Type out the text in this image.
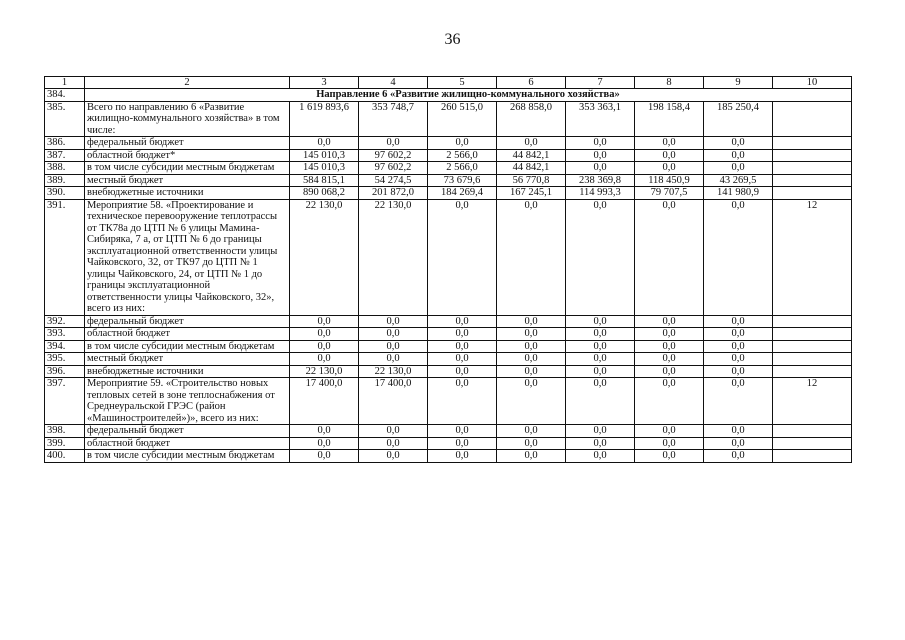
36
1	2	3	4	5	6	7	8	9	10
384.	Направление 6 «Развитие жилищно-коммунального хозяйства»								
385.	Всего по направлению 6 «Развитие жилищно-коммунального хозяйства» в том числе:	1 619 893,6	353 748,7	260 515,0	268 858,0	353 363,1	198 158,4	185 250,4	
386.	федеральный бюджет	0,0	0,0	0,0	0,0	0,0	0,0	0,0	
387.	областной бюджет*	145 010,3	97 602,2	2 566,0	44 842,1	0,0	0,0	0,0	
388.	в том числе субсидии местным бюджетам	145 010,3	97 602,2	2 566,0	44 842,1	0,0	0,0	0,0	
389.	местный бюджет	584 815,1	54 274,5	73 679,6	56 770,8	238 369,8	118 450,9	43 269,5	
390.	внебюджетные источники	890 068,2	201 872,0	184 269,4	167 245,1	114 993,3	79 707,5	141 980,9	
391.	Мероприятие 58. «Проектирование и техническое перевооружение теплотрассы от ТК78а до ЦТП № 6 улицы Мамина-Сибиряка, 7 а, от ЦТП № 6 до границы эксплуатационной ответственности улицы Чайковского, 32, от ТК97 до ЦТП № 1 улицы Чайковского, 24, от ЦТП № 1 до границы эксплуатационной ответственности улицы Чайковского, 32», всего из них:	22 130,0	22 130,0	0,0	0,0	0,0	0,0	0,0	12
392.	федеральный бюджет	0,0	0,0	0,0	0,0	0,0	0,0	0,0	
393.	областной бюджет	0,0	0,0	0,0	0,0	0,0	0,0	0,0	
394.	в том числе субсидии местным бюджетам	0,0	0,0	0,0	0,0	0,0	0,0	0,0	
395.	местный бюджет	0,0	0,0	0,0	0,0	0,0	0,0	0,0	
396.	внебюджетные источники	22 130,0	22 130,0	0,0	0,0	0,0	0,0	0,0	
397.	Мероприятие 59. «Строительство новых тепловых сетей в зоне теплоснабжения от Среднеуральской ГРЭС (район «Машиностроителей»)», всего из них:	17 400,0	17 400,0	0,0	0,0	0,0	0,0	0,0	12
398.	федеральный бюджет	0,0	0,0	0,0	0,0	0,0	0,0	0,0	
399.	областной бюджет	0,0	0,0	0,0	0,0	0,0	0,0	0,0	
400.	в том числе субсидии местным бюджетам	0,0	0,0	0,0	0,0	0,0	0,0	0,0	
